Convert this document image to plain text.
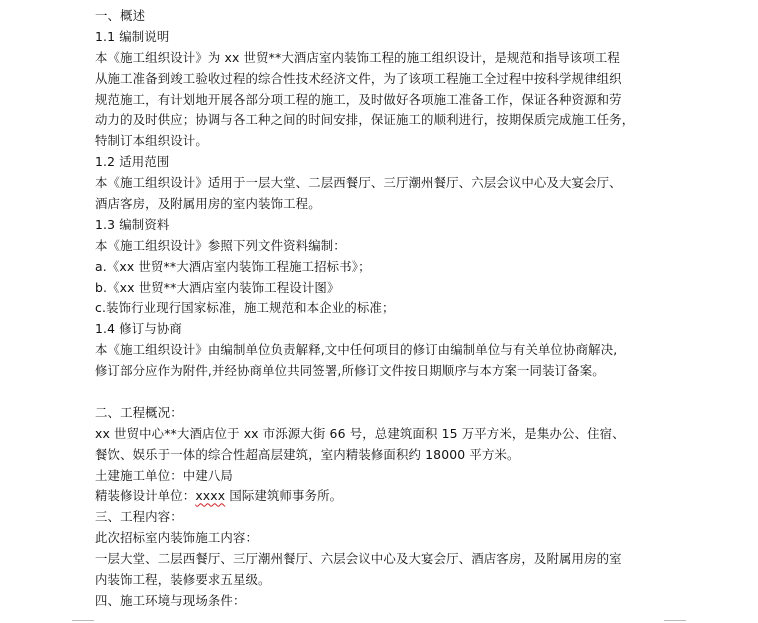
一、概述
1.1 编制说明
本《施工组织设计》为 xx 世贸**大酒店室内装饰工程的施工组织设计，是规范和指导该项工程
从施工准备到竣工验收过程的综合性技术经济文件，为了该项工程施工全过程中按科学规律组织
规范施工，有计划地开展各部分项工程的施工，及时做好各项施工准备工作，保证各种资源和劳
动力的及时供应；协调与各工种之间的时间安排，保证施工的顺利进行，按期保质完成施工任务，
特制订本组织设计。
1.2 适用范围
本《施工组织设计》适用于一层大堂、二层西餐厅、三厅潮州餐厅、六层会议中心及大宴会厅、
酒店客房，及附属用房的室内装饰工程。
1.3 编制资料
本《施工组织设计》参照下列文件资料编制：
a.《xx 世贸**大酒店室内装饰工程施工招标书》；
b.《xx 世贸**大酒店室内装饰工程设计图》
c.装饰行业现行国家标准，施工规范和本企业的标准；
1.4 修订与协商
本《施工组织设计》由编制单位负责解释,文中任何项目的修订由编制单位与有关单位协商解决,
修订部分应作为附件,并经协商单位共同签署,所修订文件按日期顺序与本方案一同装订备案。
二、工程概况：
xx 世贸中心**大酒店位于 xx 市泺源大街 66 号，总建筑面积 15 万平方米，是集办公、住宿、
餐饮、娱乐于一体的综合性超高层建筑，室内精装修面积约 18000 平方米。
土建施工单位：中建八局
精装修设计单位：xxxx 国际建筑师事务所。
三、工程内容：
此次招标室内装饰施工内容：
一层大堂、二层西餐厅、三厅潮州餐厅、六层会议中心及大宴会厅、酒店客房，及附属用房的室
内装饰工程，装修要求五星级。
四、施工环境与现场条件：
